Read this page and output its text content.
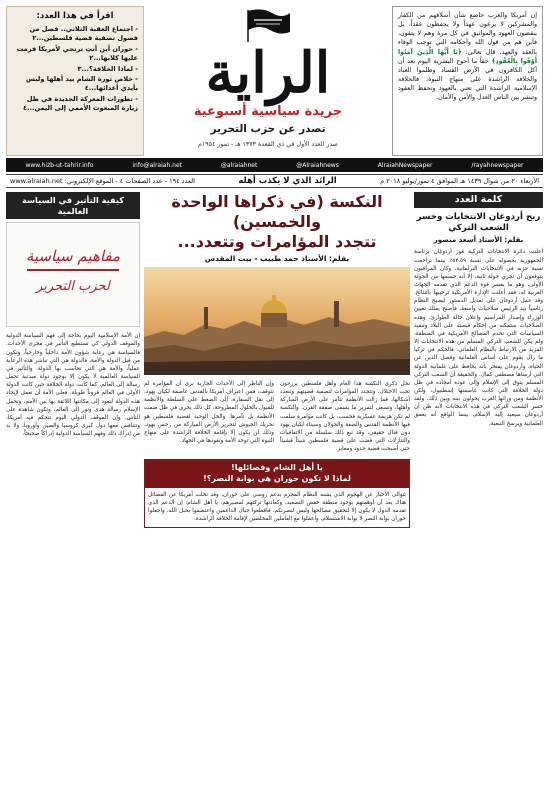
إن أمريكا والغرب خاضع شأن أسلافهم من الكفار والمشركين لا يرعون عهداً ولا يحفظون عقداً، بل ينقضون العهود والمواثيق في كل مرة وهم لا يتقون، فأين هم من قول الله وأحكامه التي توجب الوفاء بالعقد والعهد، قال تعالى: ﴿يَا أَيُّهَا الَّذِينَ آمَنُوا أَوْفُوا بِالْعُقُودِ﴾ حقاً ما أحوج البشرية اليوم بعد أن أكل الكافرون في الأرض الفساد وظلموا العباد والخلافة الراشدة على منهاج النبوة، فالخلافة الإسلامية الراشدة التي تعني بالعهود وتحفظ العقود وتنشر بين الناس العدل والأمن والأمان.
الراية
جريدة سياسية أسبوعية
تصدر عن حزب التحرير
صدر العدد الأول في ذي القعدة ١٣٧٣ هـ - تموز ١٩٥٤م
اقرأ في هذا العدد:
- اجتماع العقبة الثلاثي.. فصل من فصول تصفية قضية فلسطين...٢
- حوران أين أنتِ ترتجي لأمريكا فرمت عليها كلابها...٢
- لماذا الخلافة؟...٣
- خلاص ثورة الشام بيد أهلها وليس بأيدي أعدائها...٤
- تطورات المعركة الجديدة في ظل زيارة المبعوث الأممي إلى اليمن...٤
www.hizb-ut-tahrir.info	info@alraiah.net	@alraiahnet	@Alraiahnews	AlraiahNewspaper	/rayahnewspaper
الأربعاء ٢٠ من شوال ١٤٣٩ هـ الموافق ٤ تموز/يوليو ٢٠١٨ م
الرائد الذي لا يكذب أهله
العدد ١٩٤ - عدد الصفحات ٤ - الموقع الإلكتروني: www.alraiah.net
كلمة العدد
ربح أردوغان الانتخابات وخسر الشعب التركي
بقلم: الأستاذ أسعد منصور
أعلنت دائرة الانتخابات التركية فوز أردوغان برئاسة الجمهورية بحصوله على نسبة ٥٢.٥٩٪ بينما تراجعت نسبة حزبه في الانتخابات البرلمانية، وكان المراقبون يتوقعون أن تجري جولة ثانية، إلا أنه حسمها من الجولة الأولى، وهو ما يفسر قوة الدعم الذي تقدمه الجهات الغربية له، فقد أعلنت الإدارة الأمريكية ترحيبها بالنتائج. وقد عمل أردوغان على تعديل الدستور ليصبح النظام رئاسياً بيد الرئيس صلاحيات واسعة، فأصبح يملك تعيين الوزراء وإصدار المراسيم وإعلان حالة الطوارئ. وهذه الصلاحيات ستمكنه من إحكام قبضته على البلاد وتنفيذ السياسات التي تخدم المصالح الأمريكية في المنطقة، ولم يكن للشعب التركي المسلم من هذه الانتخابات إلا المزيد من الارتباط بالنظام العلماني. فالحكم في تركيا ما زال يقوم على أساس العلمانية وفصل الدين عن الحياة، وأردوغان يفتخر بأنه يحافظ على علمانية الدولة التي أرساها مصطفى كمال. والحقيقة أن الشعب التركي المسلم يتوق إلى الإسلام وإلى عودة أمجاده في ظل دولة الخلافة التي كانت عاصمتها إسطنبول، ولكن الأنظمة ومن ورائها الغرب يحولون بينه وبين ذلك. ولقد خسر الشعب التركي في هذه الانتخابات لأنه ظن أن أردوغان سيعيد إليه الإسلام، بينما الواقع أنه يعمق العلمانية ويرسخ التبعية.
النكسة (في ذكراها الواحدة والخمسين)
تتجدد المؤامرات وتتعدد...
بقلم: الأستاذ حمد طبيب - بيت المقدس
تحل ذكرى النكسة هذا العام وأهل فلسطين يرزحون تحت الاحتلال، وتتجدد المؤامرات لتصفية قضيتهم وتتعدد أشكالها، فما زالت الأنظمة تتآمر على الأرض المباركة وأهلها، وتسعى لتمرير ما يسمى صفقة القرن. والنكسة لم تكن هزيمة عسكرية فحسب، بل كانت مؤامرة سلمت فيها الأنظمة القدس والضفة والجولان وسيناء لكيان يهود دون قتال حقيقي، وقد تبع ذلك سلسلة من الاتفاقيات والتنازلات التي قضت على قضية فلسطين شيئاً فشيئاً حتى أصبحت قضية حدود ومعابر.
وإن الناظر إلى الأحداث الجارية يرى أن المؤامرة لم تتوقف، فمن اعتراف أمريكا بالقدس عاصمة لكيان يهود، إلى نقل السفارة، إلى الضغط على السلطة والأنظمة للقبول بالحلول المطروحة، كل ذلك يجري في ظل صمت الأنظمة بل تآمرها. والحل الوحيد لقضية فلسطين هو تحريك الجيوش لتحرير الأرض المباركة من رجس يهود، وذلك لن يكون إلا بإقامة الخلافة الراشدة على منهاج النبوة التي توحد الأمة وتقودها في الجهاد.
يا أهل الشام وفصائلها!
لماذا لا تكون حوران هي بوابة النصر؟!
تتوالى الأخبار عن الهجوم الذي يشنه النظام المجرم بدعم روسي على حوران، وقد تخلت أمريكا عن الفصائل هناك بعد أن أوهمتهم بوجود منطقة خفض التصعيد، وكعادتها تركتهم لمصيرهم. يا أهل الشام: إن الدعم الذي تقدمه الدول لا يكون إلا لتحقيق مصالحها وليس لنصرتكم، فاقطعوا حبال الداعمين واعتصموا بحبل الله، واجعلوا حوران بوابة النصر لا بوابة الاستسلام، واعملوا مع العاملين المخلصين لإقامة الخلافة الراشدة.
كيفية التأثير في السياسة العالمية
مفاهيم سياسية
لحزب التحرير
إن الأمة الإسلامية اليوم بحاجة إلى فهم السياسة الدولية والموقف الدولي كي تستطيع التأثير في مجرى الأحداث. فالسياسة هي رعاية شؤون الأمة داخلياً وخارجياً، وتكون من قبل الدولة والأمة، فالدولة هي التي تباشر هذه الرعاية عملياً، والأمة هي التي تحاسب بها الدولة. والتأثير في السياسة العالمية لا يكون إلا بوجود دولة مبدئية تحمل رسالة إلى العالم، كما كانت دولة الخلافة حين كانت الدولة الأولى في العالم قروناً طويلة. فعلى الأمة أن تعمل لإيجاد هذه الدولة لتعود إلى مكانتها اللائقة بها بين الأمم، وتحمل الإسلام رسالة هدى ونور إلى العالم، وتكون شاهدة على الناس. وإن الموقف الدولي اليوم تتحكم فيه أمريكا، وتتنافس معها دول كبرى كروسيا والصين وأوروبا، ولا بد من إدراك ذلك وفهم السياسة الدولية إدراكاً صحيحاً.
